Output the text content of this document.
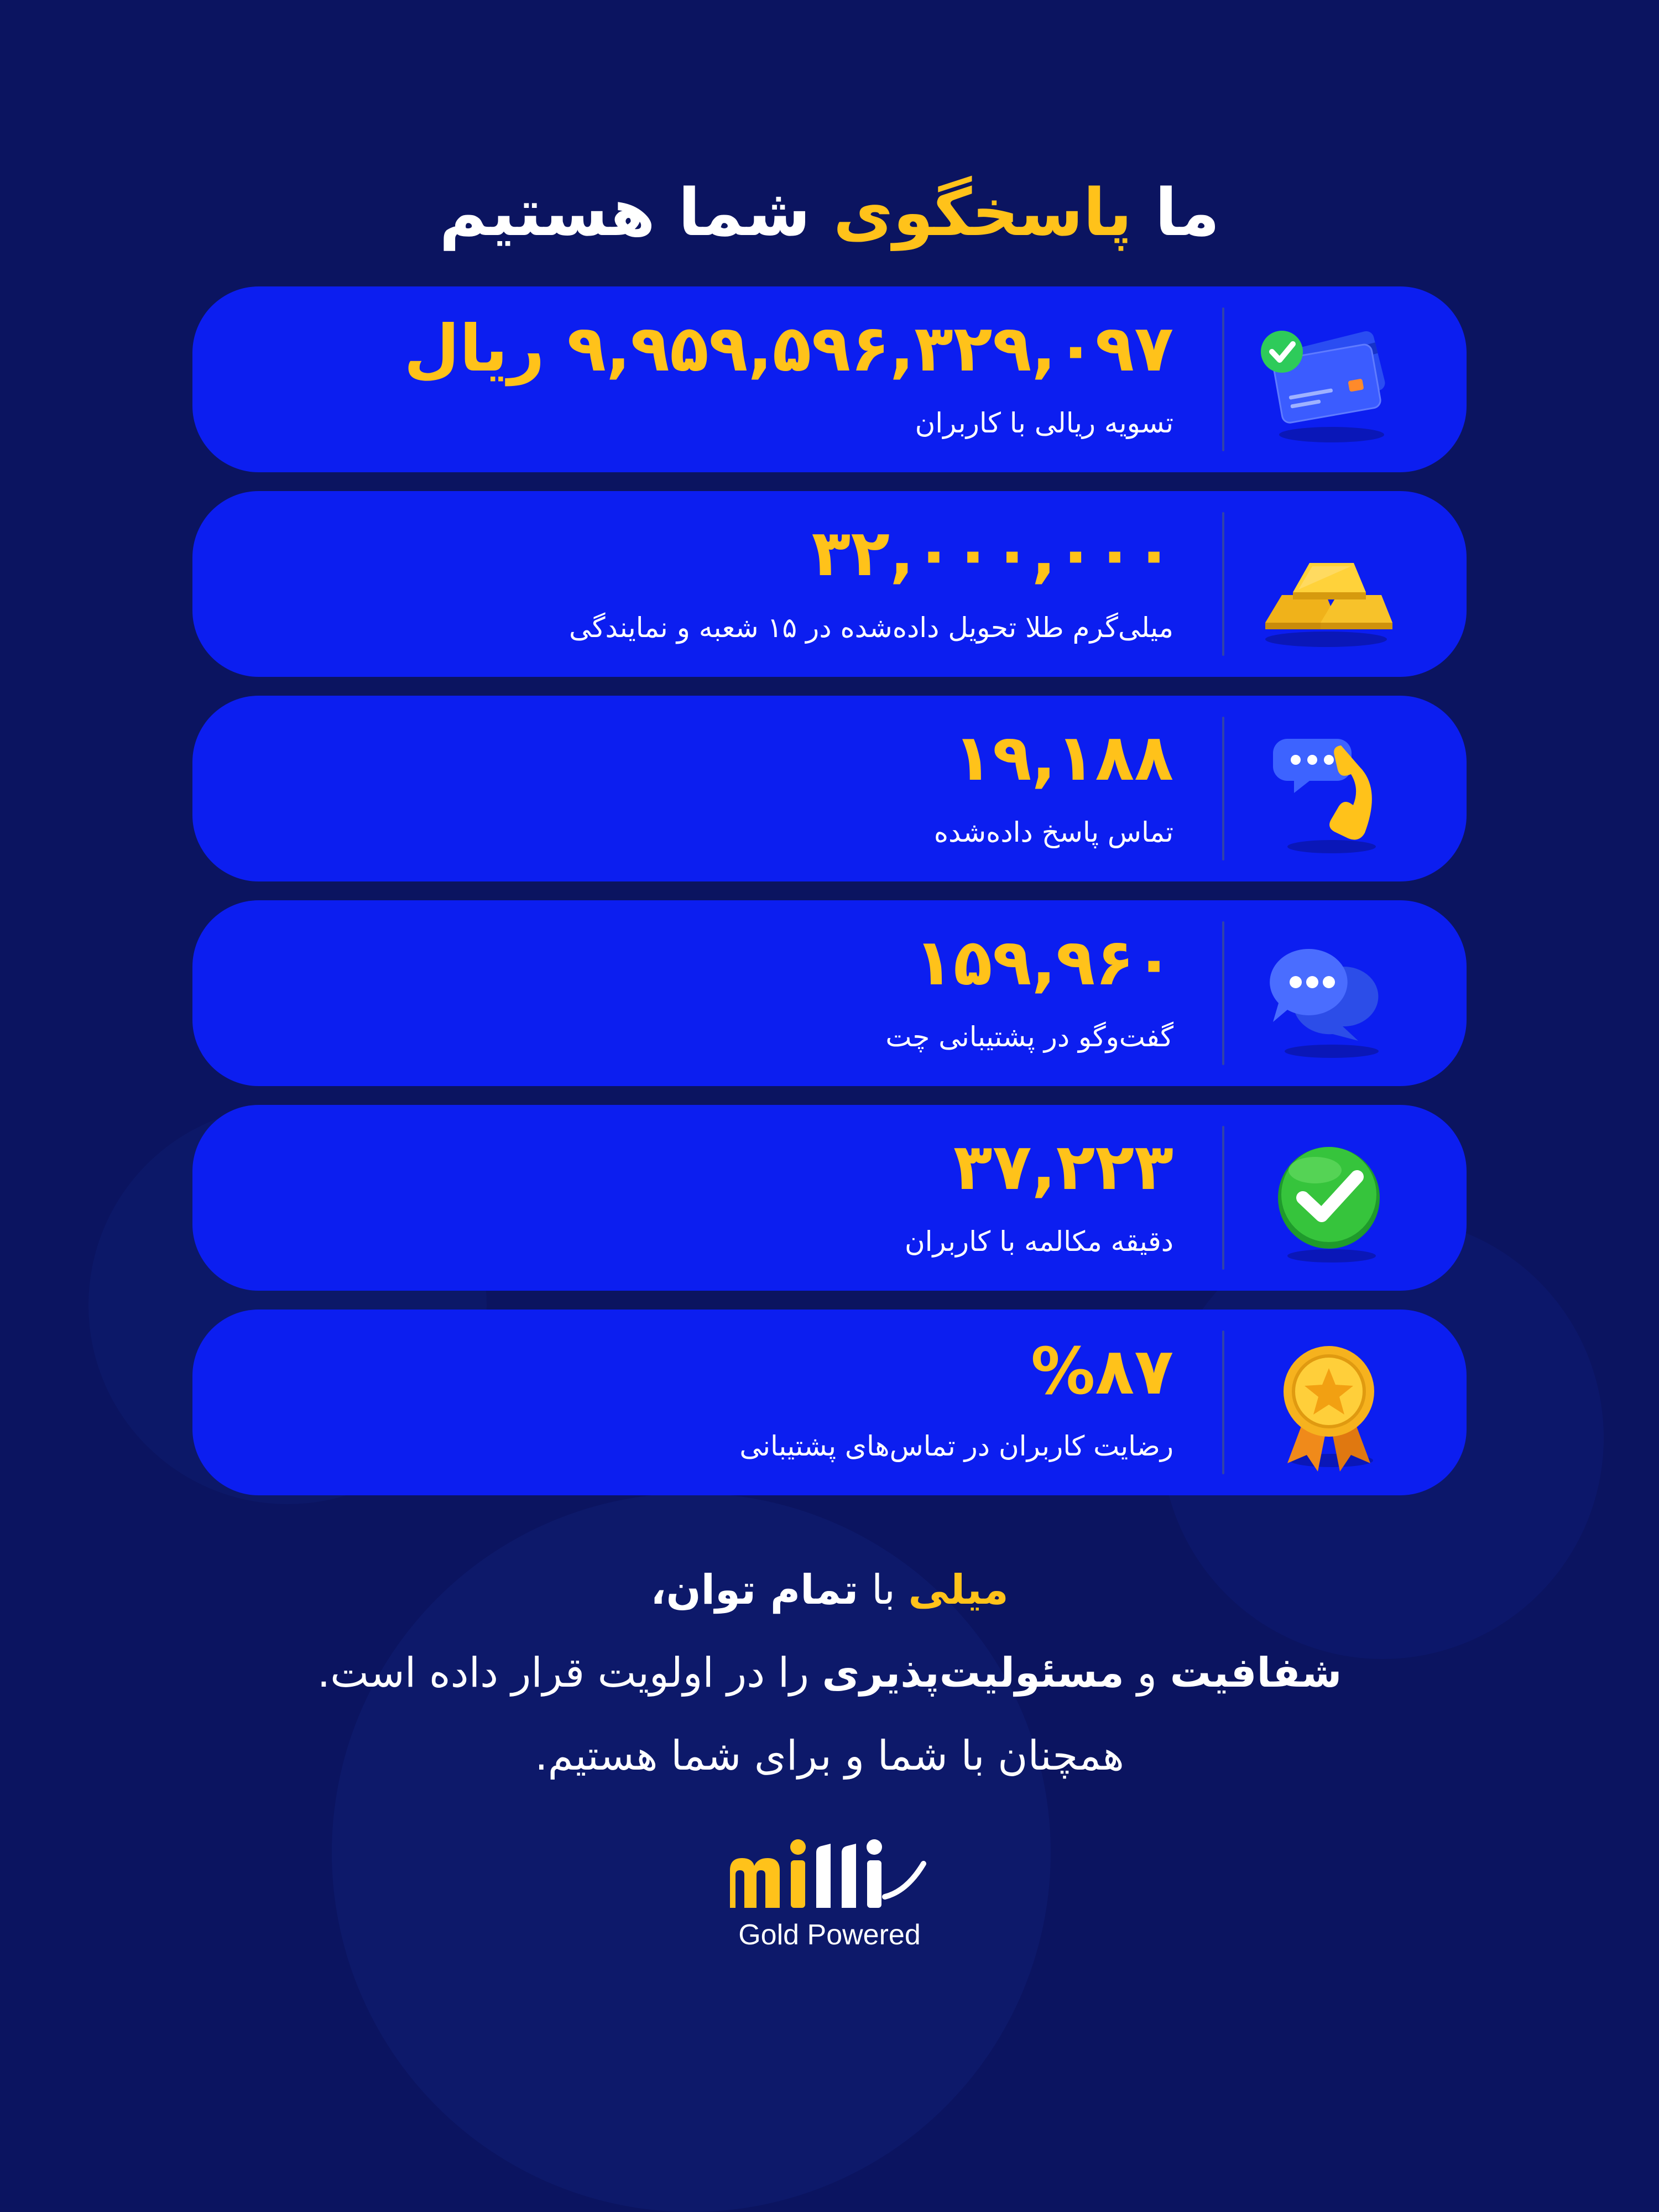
ما پاسخگوی شما هستیم
۹,۹۵۹,۵۹۶,۳۲۹,۰۹۷ ریال
تسویه ریالی با کاربران
۳۲,۰۰۰,۰۰۰
میلی‌گرم طلا تحویل داده‌شده در ۱۵ شعبه و نمایندگی
۱۹,۱۸۸
تماس پاسخ داده‌شده
۱۵۹,۹۶۰
گفت‌وگو در پشتیبانی چت
۳۷,۲۲۳
دقیقه مکالمه با کاربران
%۸۷
رضایت کاربران در تماس‌های پشتیبانی

میلی با تمام توان،

شفافیت و مسئولیت‌پذیری را در اولویت قرار داده است.

همچنان با شما و برای شما هستیم.

Gold Powered
